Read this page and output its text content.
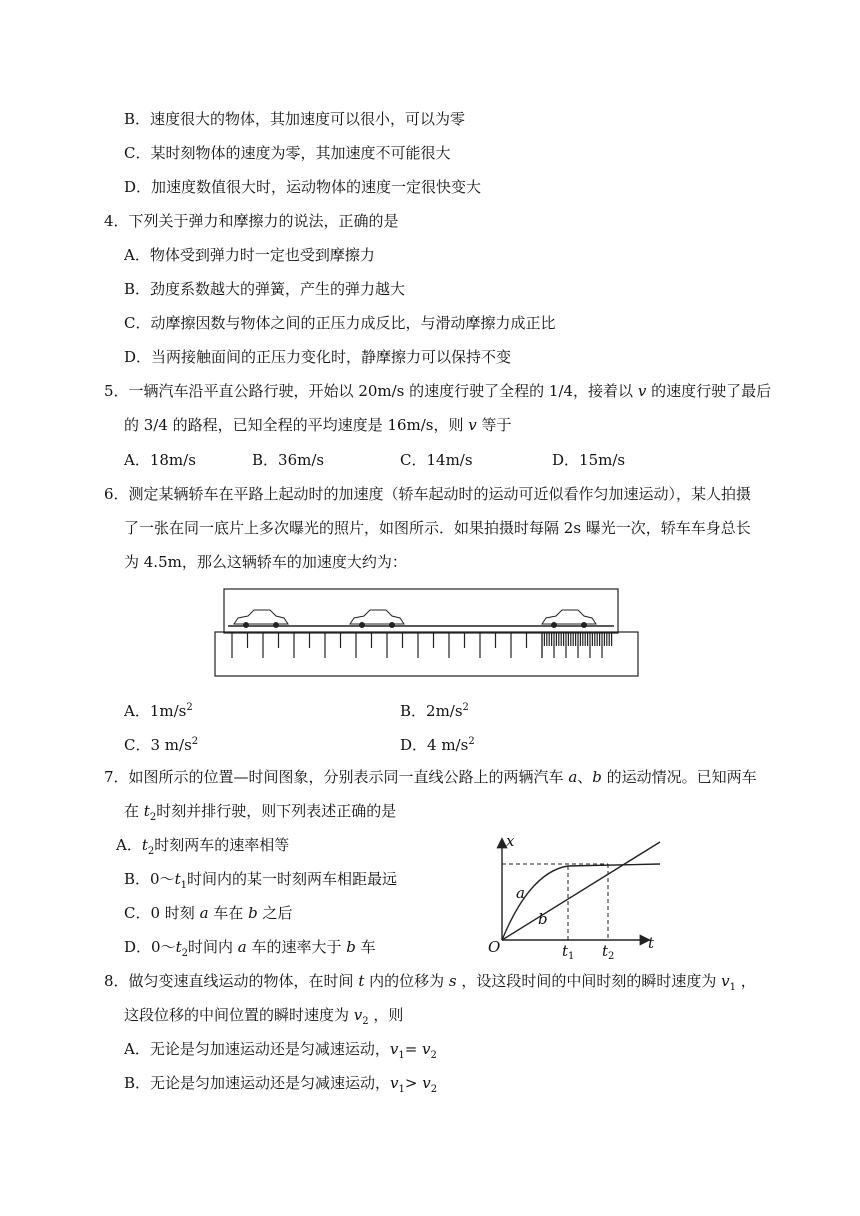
B．速度很大的物体，其加速度可以很小，可以为零
C．某时刻物体的速度为零，其加速度不可能很大
D．加速度数值很大时，运动物体的速度一定很快变大
4．下列关于弹力和摩擦力的说法，正确的是
A．物体受到弹力时一定也受到摩擦力
B．劲度系数越大的弹簧，产生的弹力越大
C．动摩擦因数与物体之间的正压力成反比，与滑动摩擦力成正比
D．当两接触面间的正压力变化时，静摩擦力可以保持不变
5．一辆汽车沿平直公路行驶，开始以 20m/s 的速度行驶了全程的 1/4，接着以 v 的速度行驶了最后
的 3/4 的路程，已知全程的平均速度是 16m/s，则 v 等于
A．18m/s	B．36m/s	C．14m/s	D．15m/s
6．测定某辆轿车在平路上起动时的加速度（轿车起动时的运动可近似看作匀加速运动），某人拍摄
了一张在同一底片上多次曝光的照片，如图所示．如果拍摄时每隔 2s 曝光一次，轿车车身总长
为 4.5m，那么这辆轿车的加速度大约为：
A．$1m/s^2$	B．$2m/s^2$
C．3 $m/s^2$	D．4 $m/s^2$
7．如图所示的位置—时间图象，分别表示同一直线公路上的两辆汽车 a、b 的运动情况。已知两车
在 $t_2$时刻并排行驶，则下列表述正确的是
A．$t_2$时刻两车的速率相等
B．$0\sim t_1$时间内的某一时刻两车相距最远
C．0 时刻 a 车在 b 之后
D．$0\sim t_2$时间内 a 车的速率大于 b 车
x
t
O
a
b
$t_1$ $t_2$
8．做匀变速直线运动的物体，在时间 t 内的位移为 s ，设这段时间的中间时刻的瞬时速度为 $v_1$ ，
这段位移的中间位置的瞬时速度为 $v_2$ ，则
A．无论是匀加速运动还是匀减速运动，$v_1= v_2$
B．无论是匀加速运动还是匀减速运动，$v_1> v_2$
